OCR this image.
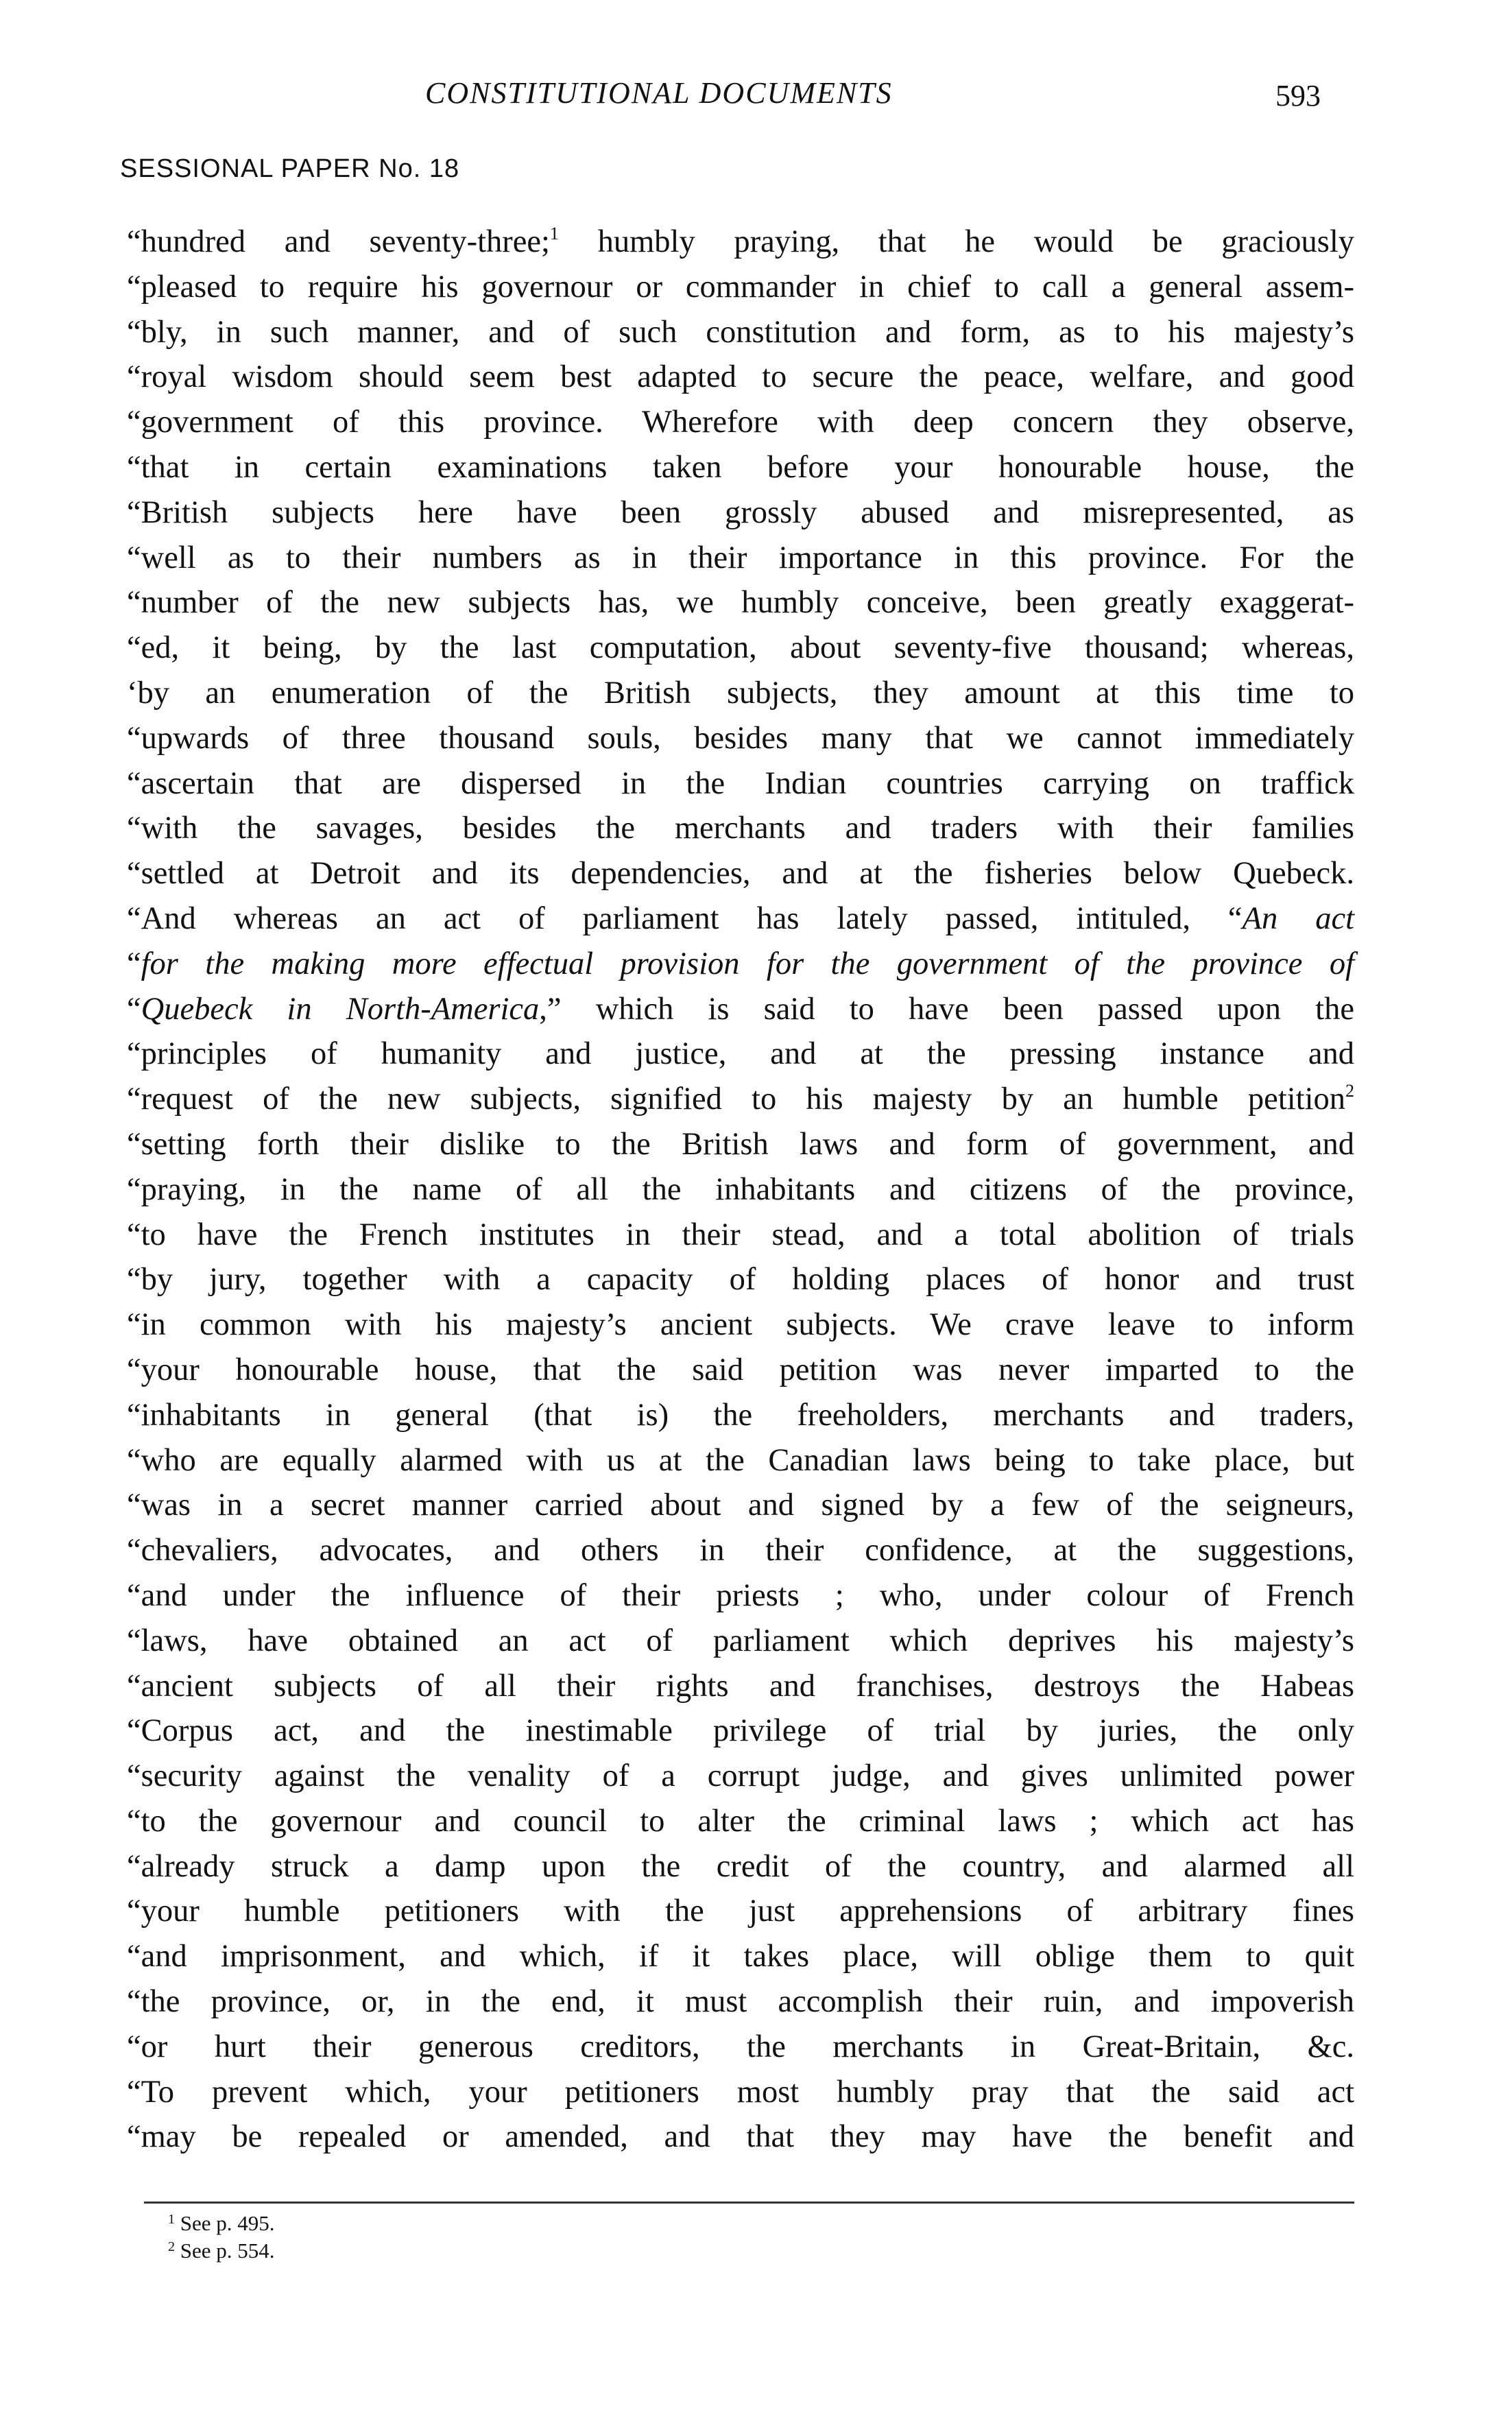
CONSTITUTIONAL DOCUMENTS	593
SESSIONAL PAPER No. 18
“hundred and seventy-three;$^1$ humbly praying, that he would be graciously
“pleased to require his governour or commander in chief to call a general assem-
“bly, in such manner, and of such constitution and form, as to his majesty’s
“royal wisdom should seem best adapted to secure the peace, welfare, and good
“government of this province. Wherefore with deep concern they observe,
“that in certain examinations taken before your honourable house, the
“British subjects here have been grossly abused and misrepresented, as
“well as to their numbers as in their importance in this province. For the
“number of the new subjects has, we humbly conceive, been greatly exaggerat-
“ed, it being, by the last computation, about seventy-five thousand; whereas,
‘by an enumeration of the British subjects, they amount at this time to
“upwards of three thousand souls, besides many that we cannot immediately
“ascertain that are dispersed in the Indian countries carrying on traffick
“with the savages, besides the merchants and traders with their families
“settled at Detroit and its dependencies, and at the fisheries below Quebeck.
“And whereas an act of parliament has lately passed, intituled, “An act
“for the making more effectual provision for the government of the province of
“Quebeck in North-America,” which is said to have been passed upon the
“principles of humanity and justice, and at the pressing instance and
“request of the new subjects, signified to his majesty by an humble petition$^2$
“setting forth their dislike to the British laws and form of government, and
“praying, in the name of all the inhabitants and citizens of the province,
“to have the French institutes in their stead, and a total abolition of trials
“by jury, together with a capacity of holding places of honor and trust
“in common with his majesty’s ancient subjects. We crave leave to inform
“your honourable house, that the said petition was never imparted to the
“inhabitants in general (that is) the freeholders, merchants and traders,
“who are equally alarmed with us at the Canadian laws being to take place, but
“was in a secret manner carried about and signed by a few of the seigneurs,
“chevaliers, advocates, and others in their confidence, at the suggestions,
“and under the influence of their priests ; who, under colour of French
“laws, have obtained an act of parliament which deprives his majesty’s
“ancient subjects of all their rights and franchises, destroys the Habeas
“Corpus act, and the inestimable privilege of trial by juries, the only
“security against the venality of a corrupt judge, and gives unlimited power
“to the governour and council to alter the criminal laws ; which act has
“already struck a damp upon the credit of the country, and alarmed all
“your humble petitioners with the just apprehensions of arbitrary fines
“and imprisonment, and which, if it takes place, will oblige them to quit
“the province, or, in the end, it must accomplish their ruin, and impoverish
“or hurt their generous creditors, the merchants in Great-Britain, &c.
“To prevent which, your petitioners most humbly pray that the said act
“may be repealed or amended, and that they may have the benefit and
$^1$ See p. 495.
$^2$ See p. 554.
